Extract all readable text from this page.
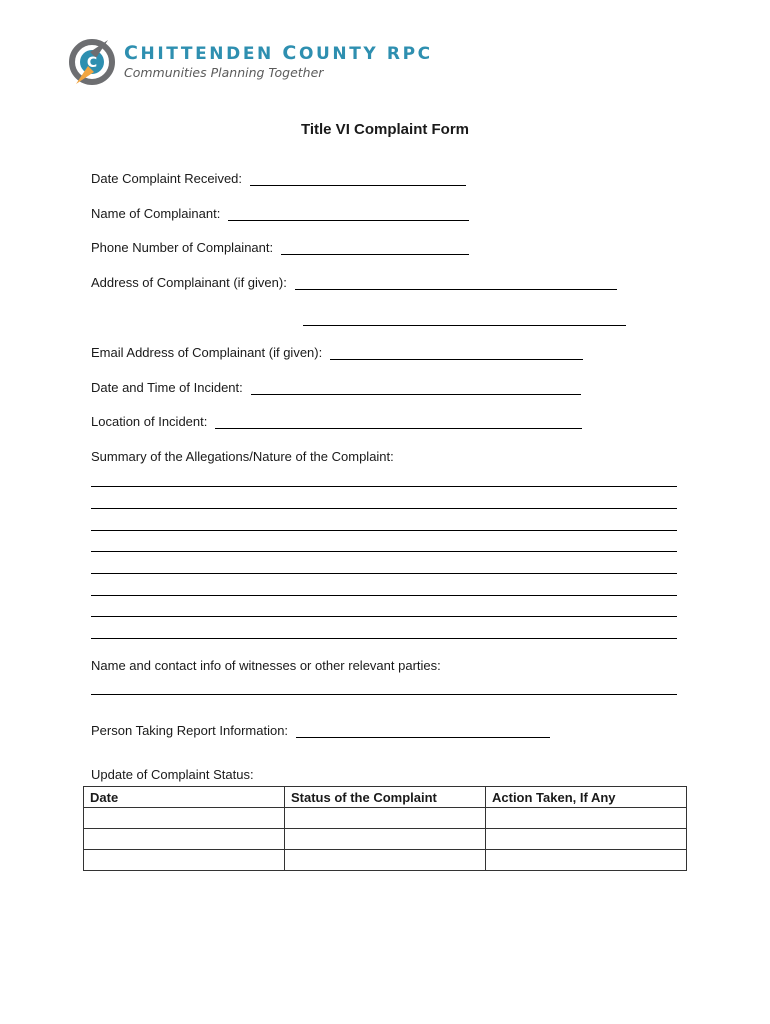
C CHITTENDEN COUNTY RPC
Communities Planning Together
Title VI Complaint Form
Date Complaint Received:
Name of Complainant:
Phone Number of Complainant:
Address of Complainant (if given):
Email Address of Complainant (if given):
Date and Time of Incident:
Location of Incident:
Summary of the Allegations/Nature of the Complaint:
Name and contact info of witnesses or other relevant parties:
Person Taking Report Information:
Update of Complaint Status:
Date	Status of the Complaint	Action Taken, If Any
